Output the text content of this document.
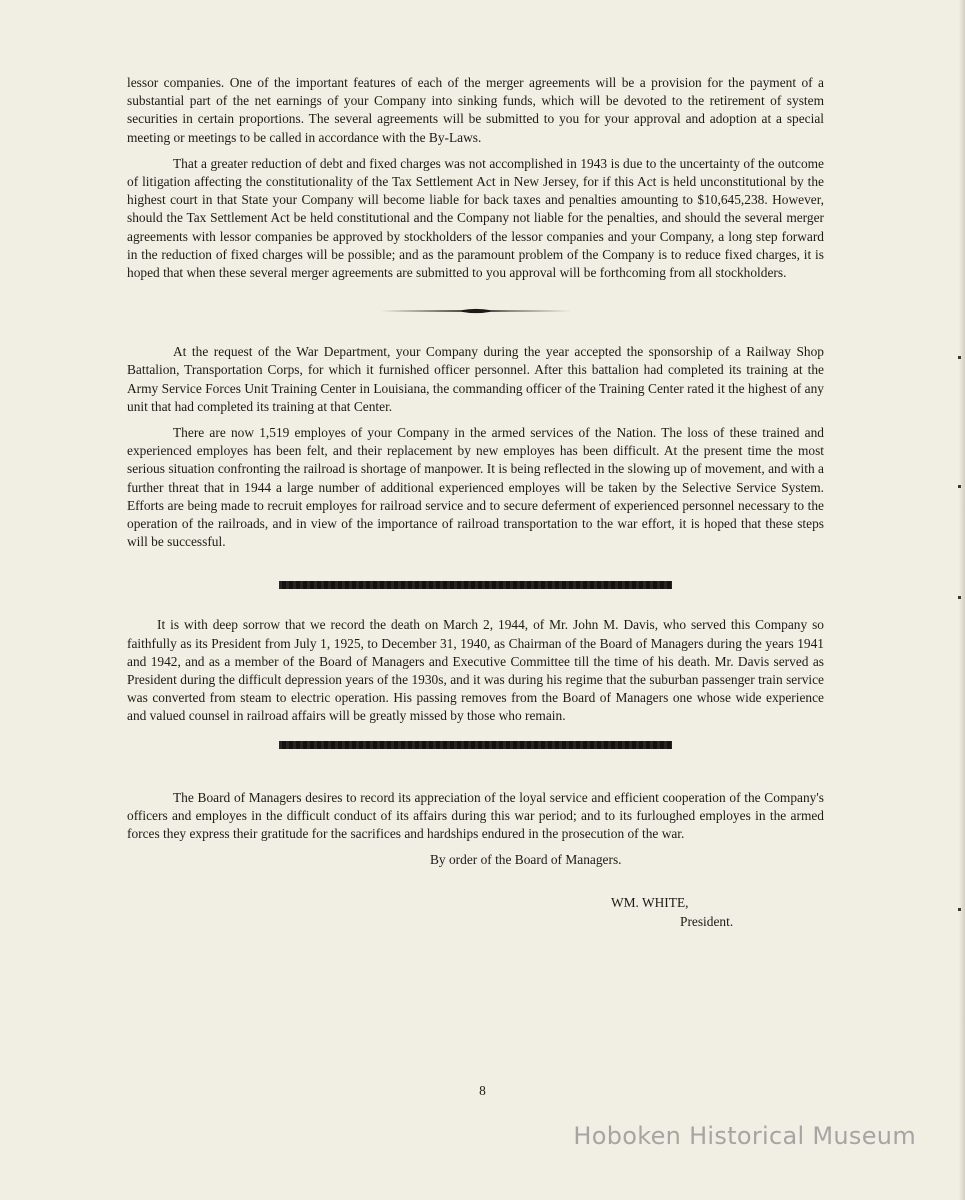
lessor companies. One of the important features of each of the merger agreements will be a provision for the payment of a substantial part of the net earnings of your Company into sinking funds, which will be devoted to the retirement of system securities in certain proportions. The several agreements will be submitted to you for your approval and adoption at a special meeting or meetings to be called in accordance with the By-Laws.

That a greater reduction of debt and fixed charges was not accomplished in 1943 is due to the uncertainty of the outcome of litigation affecting the constitutionality of the Tax Settlement Act in New Jersey, for if this Act is held unconstitutional by the highest court in that State your Company will become liable for back taxes and penalties amounting to $10,645,238. However, should the Tax Settlement Act be held constitutional and the Company not liable for the penalties, and should the several merger agreements with lessor companies be approved by stockholders of the lessor companies and your Company, a long step forward in the reduction of fixed charges will be possible; and as the paramount problem of the Company is to reduce fixed charges, it is hoped that when these several merger agreements are submitted to you approval will be forthcoming from all stockholders.

At the request of the War Department, your Company during the year accepted the sponsorship of a Railway Shop Battalion, Transportation Corps, for which it furnished officer personnel. After this battalion had completed its training at the Army Service Forces Unit Training Center in Louisiana, the commanding officer of the Training Center rated it the highest of any unit that had completed its training at that Center.

There are now 1,519 employes of your Company in the armed services of the Nation. The loss of these trained and experienced employes has been felt, and their replacement by new employes has been difficult. At the present time the most serious situation confronting the railroad is shortage of manpower. It is being reflected in the slowing up of movement, and with a further threat that in 1944 a large number of additional experienced employes will be taken by the Selective Service System. Efforts are being made to recruit employes for railroad service and to secure deferment of experienced personnel necessary to the operation of the railroads, and in view of the importance of railroad transportation to the war effort, it is hoped that these steps will be successful.

It is with deep sorrow that we record the death on March 2, 1944, of Mr. John M. Davis, who served this Company so faithfully as its President from July 1, 1925, to December 31, 1940, as Chairman of the Board of Managers during the years 1941 and 1942, and as a member of the Board of Managers and Executive Committee till the time of his death. Mr. Davis served as President during the difficult depression years of the 1930s, and it was during his regime that the suburban passenger train service was converted from steam to electric operation. His passing removes from the Board of Managers one whose wide experience and valued counsel in railroad affairs will be greatly missed by those who remain.

The Board of Managers desires to record its appreciation of the loyal service and efficient cooperation of the Company's officers and employes in the difficult conduct of its affairs during this war period; and to its furloughed employes in the armed forces they express their gratitude for the sacrifices and hardships endured in the prosecution of the war.

By order of the Board of Managers.

WM. WHITE,
President.
8
Hoboken Historical Museum
